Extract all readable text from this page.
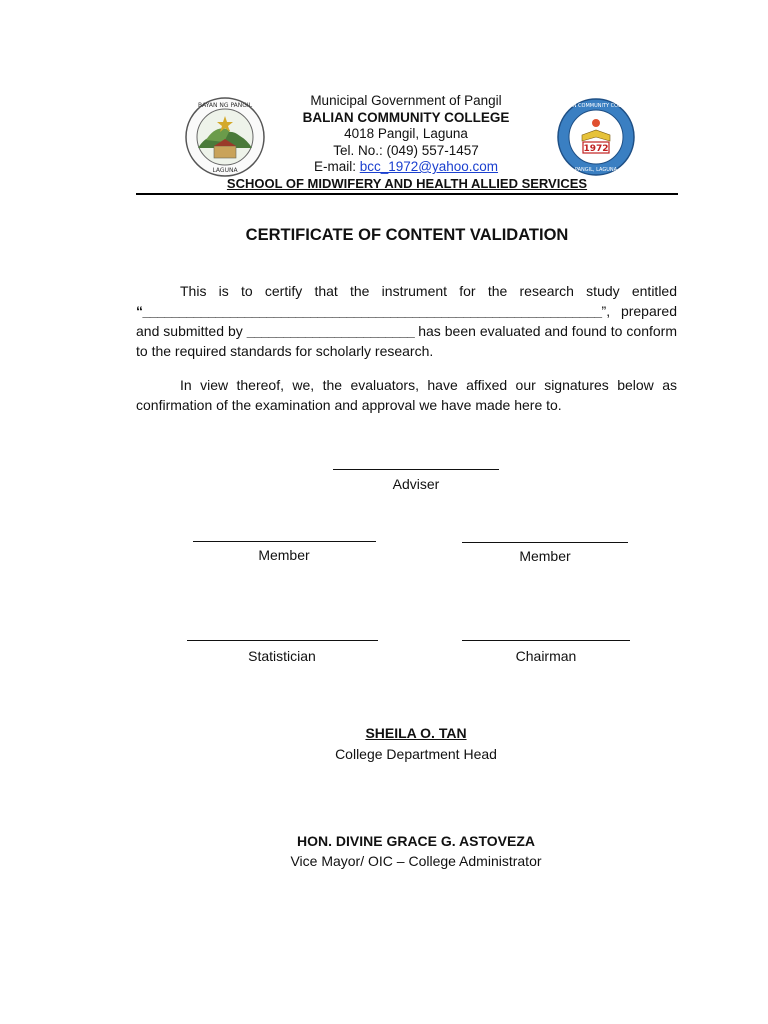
BAYAN NG PANGIL
LAGUNA
1972
BALIAN COMMUNITY COLLEGE
PANGIL, LAGUNA
Municipal Government of Pangil
BALIAN COMMUNITY COLLEGE
4018 Pangil, Laguna
Tel. No.: (049) 557-1457
E-mail: bcc_1972@yahoo.com
SCHOOL OF MIDWIFERY AND HEALTH ALLIED SERVICES
CERTIFICATE OF CONTENT VALIDATION
This is to certify that the instrument for the research study entitled “_______________________________________________________________”, prepared and submitted by _______________________ has been evaluated and found to conform to the required standards for scholarly research.
In view thereof, we, the evaluators, have affixed our signatures below as confirmation of the examination and approval we have made here to.
Adviser
Member	Member
Statistician	Chairman
SHEILA O. TAN
College Department Head
HON. DIVINE GRACE G. ASTOVEZA
Vice Mayor/ OIC – College Administrator
